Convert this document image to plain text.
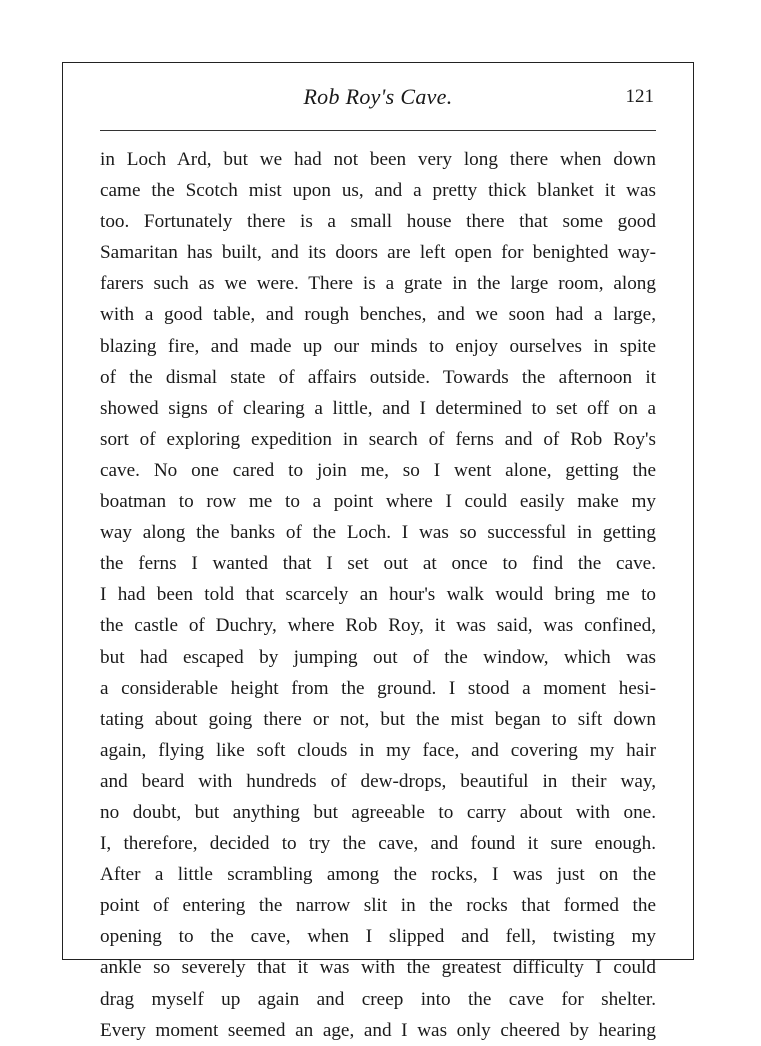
Rob Roy's Cave.	121
in Loch Ard, but we had not been very long there when down
came the Scotch mist upon us, and a pretty thick blanket it was
too. Fortunately there is a small house there that some good
Samaritan has built, and its doors are left open for benighted way-
farers such as we were. There is a grate in the large room, along
with a good table, and rough benches, and we soon had a large,
blazing fire, and made up our minds to enjoy ourselves in spite
of the dismal state of affairs outside. Towards the afternoon it
showed signs of clearing a little, and I determined to set off on a
sort of exploring expedition in search of ferns and of Rob Roy's
cave. No one cared to join me, so I went alone, getting the
boatman to row me to a point where I could easily make my
way along the banks of the Loch. I was so successful in getting
the ferns I wanted that I set out at once to find the cave.
I had been told that scarcely an hour's walk would bring me to
the castle of Duchry, where Rob Roy, it was said, was confined,
but had escaped by jumping out of the window, which was
a considerable height from the ground. I stood a moment hesi-
tating about going there or not, but the mist began to sift down
again, flying like soft clouds in my face, and covering my hair
and beard with hundreds of dew-drops, beautiful in their way,
no doubt, but anything but agreeable to carry about with one.
I, therefore, decided to try the cave, and found it sure enough.
After a little scrambling among the rocks, I was just on the
point of entering the narrow slit in the rocks that formed the
opening to the cave, when I slipped and fell, twisting my
ankle so severely that it was with the greatest difficulty I could
drag myself up again and creep into the cave for shelter.
Every moment seemed an age, and I was only cheered by hearing
